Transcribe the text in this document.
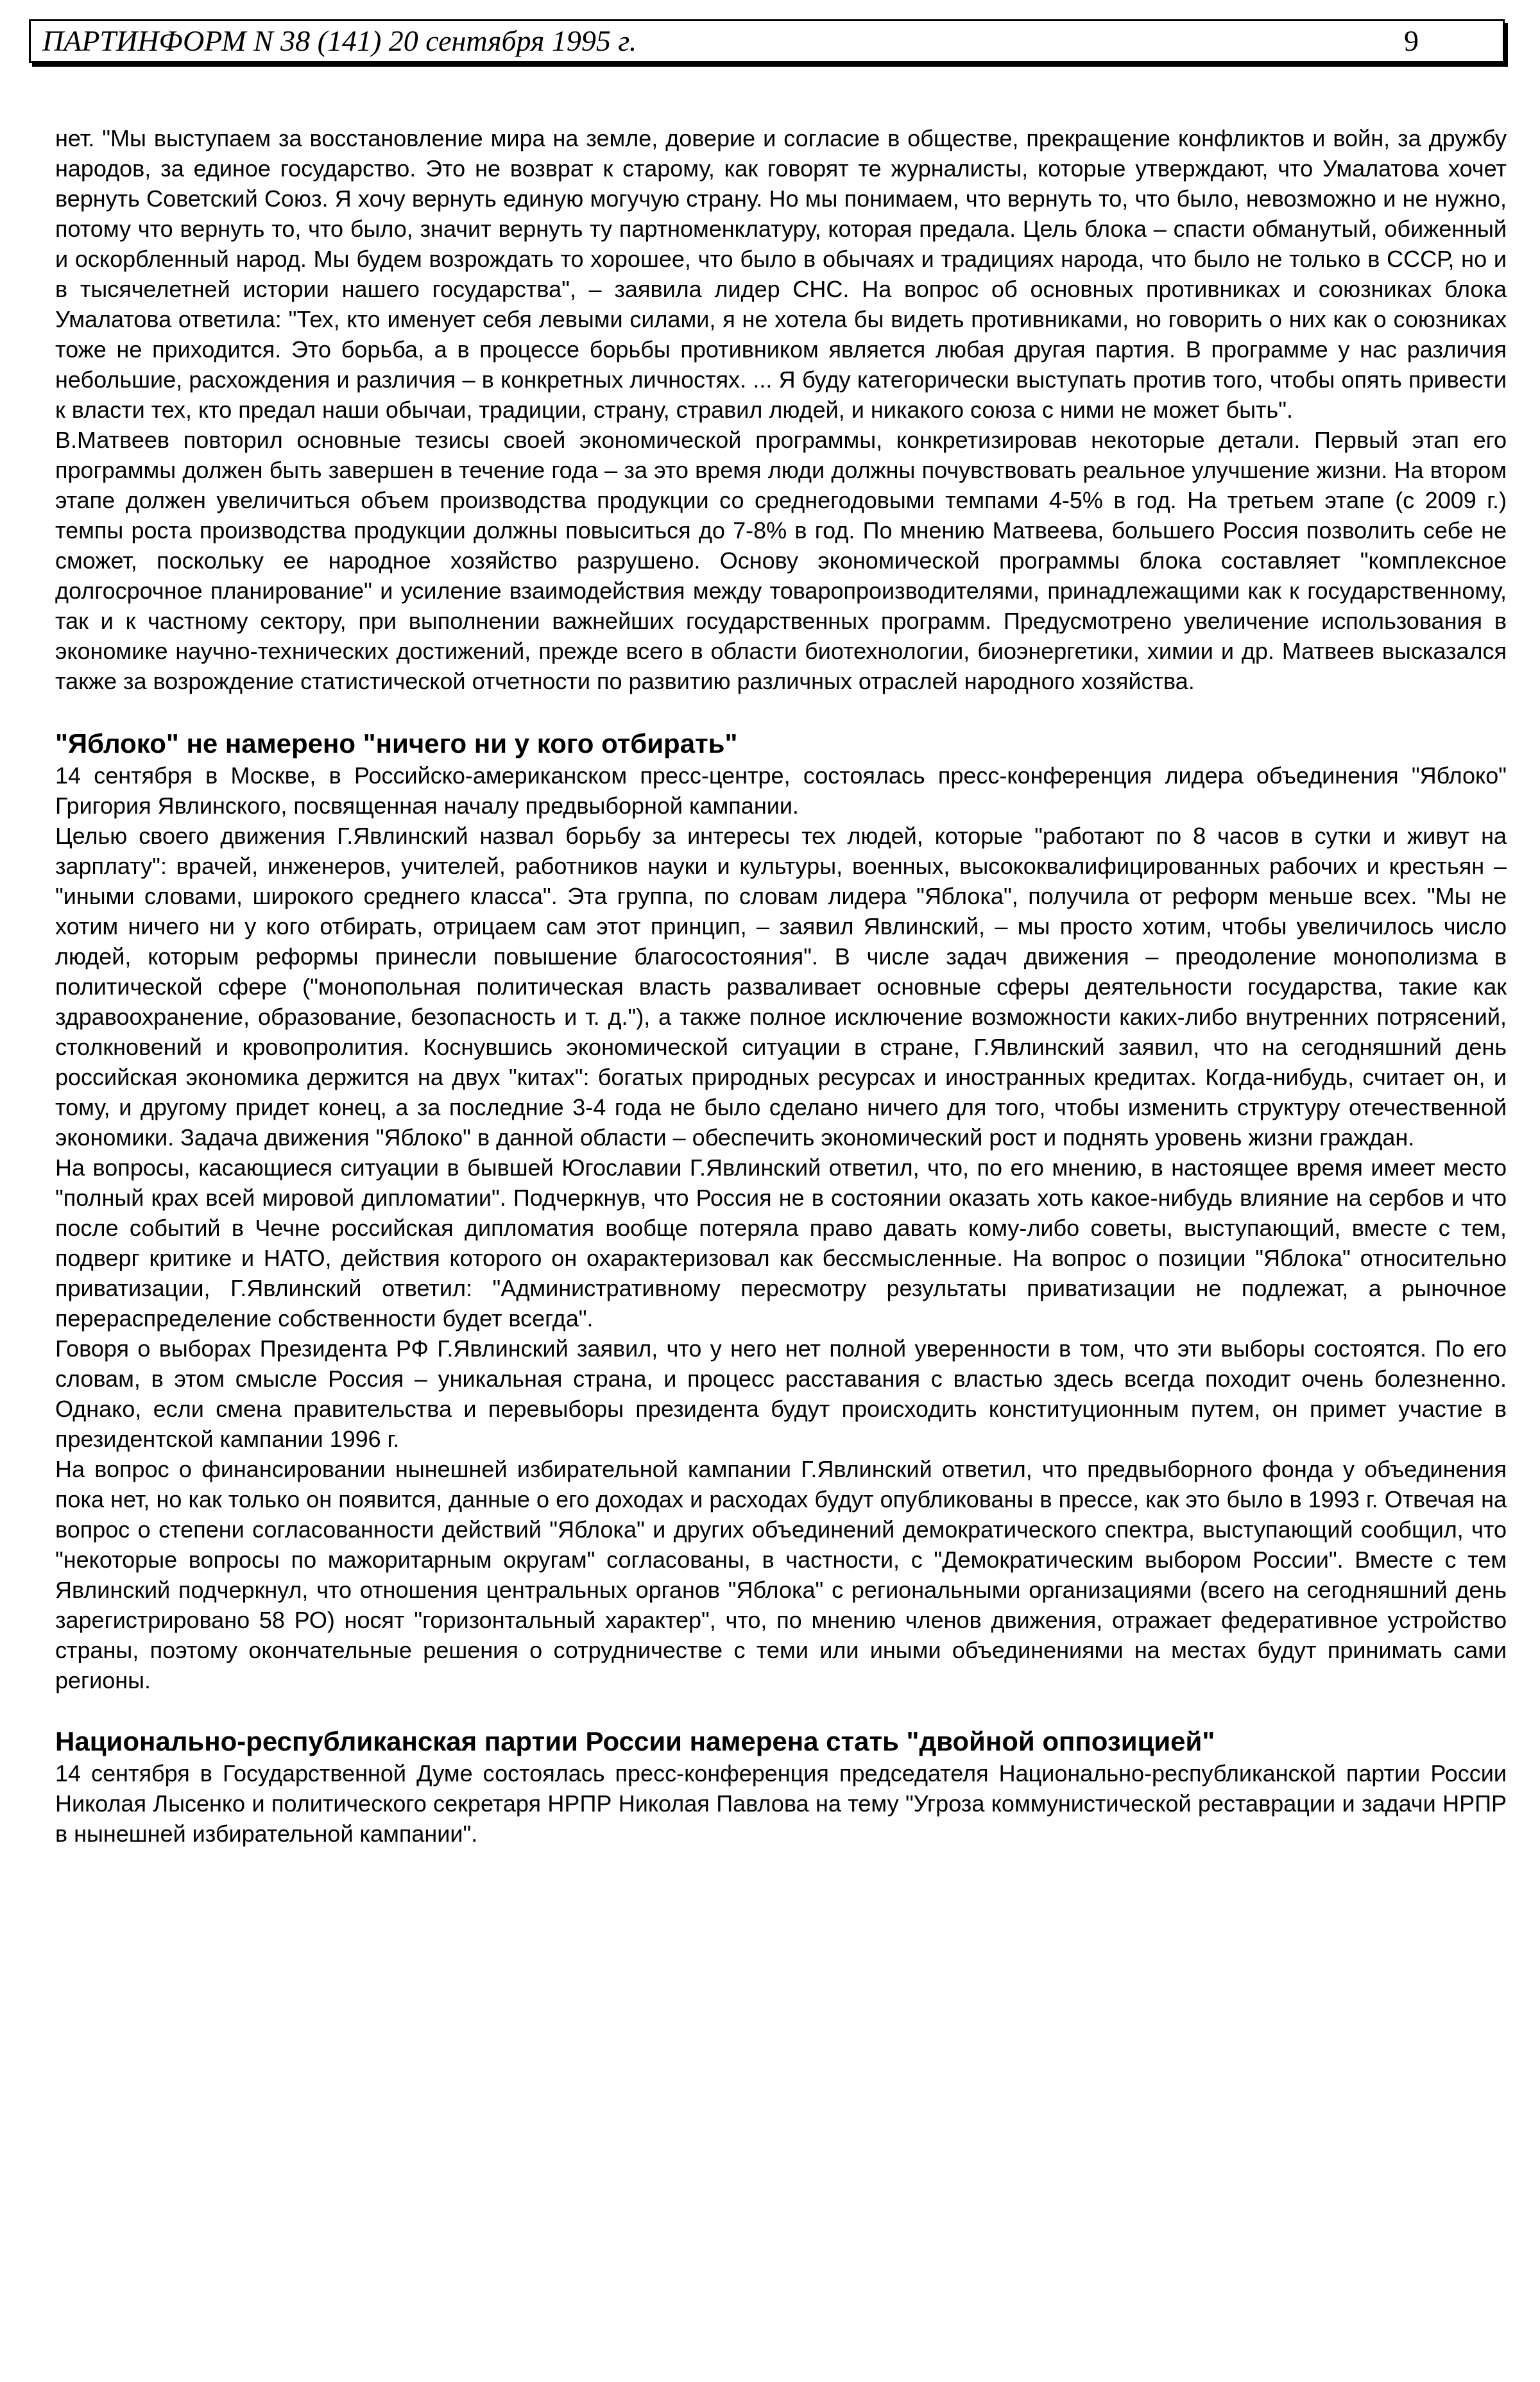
ПАРТИНФОРМ N 38 (141) 20 сентября 1995 г.	9

нет. "Мы выступаем за восстановление мира на земле, доверие и согласие в обществе, прекращение конфликтов и войн, за дружбу народов, за единое государство. Это не возврат к старому, как говорят те журналисты, которые утверждают, что Умалатова хочет вернуть Советский Союз. Я хочу вернуть единую могучую страну. Но мы понимаем, что вернуть то, что было, невозможно и не нужно, потому что вернуть то, что было, значит вернуть ту партноменклатуру, которая предала. Цель блока – спасти обманутый, обиженный и оскорбленный народ. Мы будем возрождать то хорошее, что было в обычаях и традициях народа, что было не только в СССР, но и в тысячелетней истории нашего государства", – заявила лидер СНС. На вопрос об основных противниках и союзниках блока Умалатова ответила: "Тех, кто именует себя левыми силами, я не хотела бы видеть противниками, но говорить о них как о союзниках тоже не приходится. Это борьба, а в процессе борьбы противником является любая другая партия. В программе у нас различия небольшие, расхождения и различия – в конкретных личностях. ... Я буду категорически выступать против того, чтобы опять привести к власти тех, кто предал наши обычаи, традиции, страну, стравил людей, и никакого союза с ними не может быть".

В.Матвеев повторил основные тезисы своей экономической программы, конкретизировав некоторые детали. Первый этап его программы должен быть завершен в течение года – за это время люди должны почувствовать реальное улучшение жизни. На втором этапе должен увеличиться объем производства продукции со среднегодовыми темпами 4-5% в год. На третьем этапе (с 2009 г.) темпы роста производства продукции должны повыситься до 7-8% в год. По мнению Матвеева, большего Россия позволить себе не сможет, поскольку ее народное хозяйство разрушено. Основу экономической программы блока составляет "комплексное долгосрочное планирование" и усиление взаимодействия между товаропроизводителями, принадлежащими как к государственному, так и к частному сектору, при выполнении важнейших государственных программ. Предусмотрено увеличение использования в экономике научно-технических достижений, прежде всего в области биотехнологии, биоэнергетики, химии и др. Матвеев высказался также за возрождение статистической отчетности по развитию различных отраслей народного хозяйства.

"Яблоко" не намерено "ничего ни у кого отбирать"

14 сентября в Москве, в Российско-американском пресс-центре, состоялась пресс-конференция лидера объединения "Яблоко" Григория Явлинского, посвященная началу предвыборной кампании.

Целью своего движения Г.Явлинский назвал борьбу за интересы тех людей, которые "работают по 8 часов в сутки и живут на зарплату": врачей, инженеров, учителей, работников науки и культуры, военных, высококвалифицированных рабочих и крестьян – "иными словами, широкого среднего класса". Эта группа, по словам лидера "Яблока", получила от реформ меньше всех. "Мы не хотим ничего ни у кого отбирать, отрицаем сам этот принцип, – заявил Явлинский, – мы просто хотим, чтобы увеличилось число людей, которым реформы принесли повышение благосостояния". В числе задач движения – преодоление монополизма в политической сфере ("монопольная политическая власть разваливает основные сферы деятельности государства, такие как здравоохранение, образование, безопасность и т. д."), а также полное исключение возможности каких-либо внутренних потрясений, столкновений и кровопролития. Коснувшись экономической ситуации в стране, Г.Явлинский заявил, что на сегодняшний день российская экономика держится на двух "китах": богатых природных ресурсах и иностранных кредитах. Когда-нибудь, считает он, и тому, и другому придет конец, а за последние 3-4 года не было сделано ничего для того, чтобы изменить структуру отечественной экономики. Задача движения "Яблоко" в данной области – обеспечить экономический рост и поднять уровень жизни граждан.

На вопросы, касающиеся ситуации в бывшей Югославии Г.Явлинский ответил, что, по его мнению, в настоящее время имеет место "полный крах всей мировой дипломатии". Подчеркнув, что Россия не в состоянии оказать хоть какое-нибудь влияние на сербов и что после событий в Чечне российская дипломатия вообще потеряла право давать кому-либо советы, выступающий, вместе с тем, подверг критике и НАТО, действия которого он охарактеризовал как бессмысленные. На вопрос о позиции "Яблока" относительно приватизации, Г.Явлинский ответил: "Административному пересмотру результаты приватизации не подлежат, а рыночное перераспределение собственности будет всегда".

Говоря о выборах Президента РФ Г.Явлинский заявил, что у него нет полной уверенности в том, что эти выборы состоятся. По его словам, в этом смысле Россия – уникальная страна, и процесс расставания с властью здесь всегда походит очень болезненно. Однако, если смена правительства и перевыборы президента будут происходить конституционным путем, он примет участие в президентской кампании 1996 г.

На вопрос о финансировании нынешней избирательной кампании Г.Явлинский ответил, что предвыборного фонда у объединения пока нет, но как только он появится, данные о его доходах и расходах будут опубликованы в прессе, как это было в 1993 г. Отвечая на вопрос о степени согласованности действий "Яблока" и других объединений демократического спектра, выступающий сообщил, что "некоторые вопросы по мажоритарным округам" согласованы, в частности, с "Демократическим выбором России". Вместе с тем Явлинский подчеркнул, что отношения центральных органов "Яблока" с региональными организациями (всего на сегодняшний день зарегистрировано 58 РО) носят "горизонтальный характер", что, по мнению членов движения, отражает федеративное устройство страны, поэтому окончательные решения о сотрудничестве с теми или иными объединениями на местах будут принимать сами регионы.

Национально-республиканская партии России намерена стать "двойной оппозицией"

14 сентября в Государственной Думе состоялась пресс-конференция председателя Национально-республиканской партии России Николая Лысенко и политического секретаря НРПР Николая Павлова на тему "Угроза коммунистической реставрации и задачи НРПР в нынешней избирательной кампании".
